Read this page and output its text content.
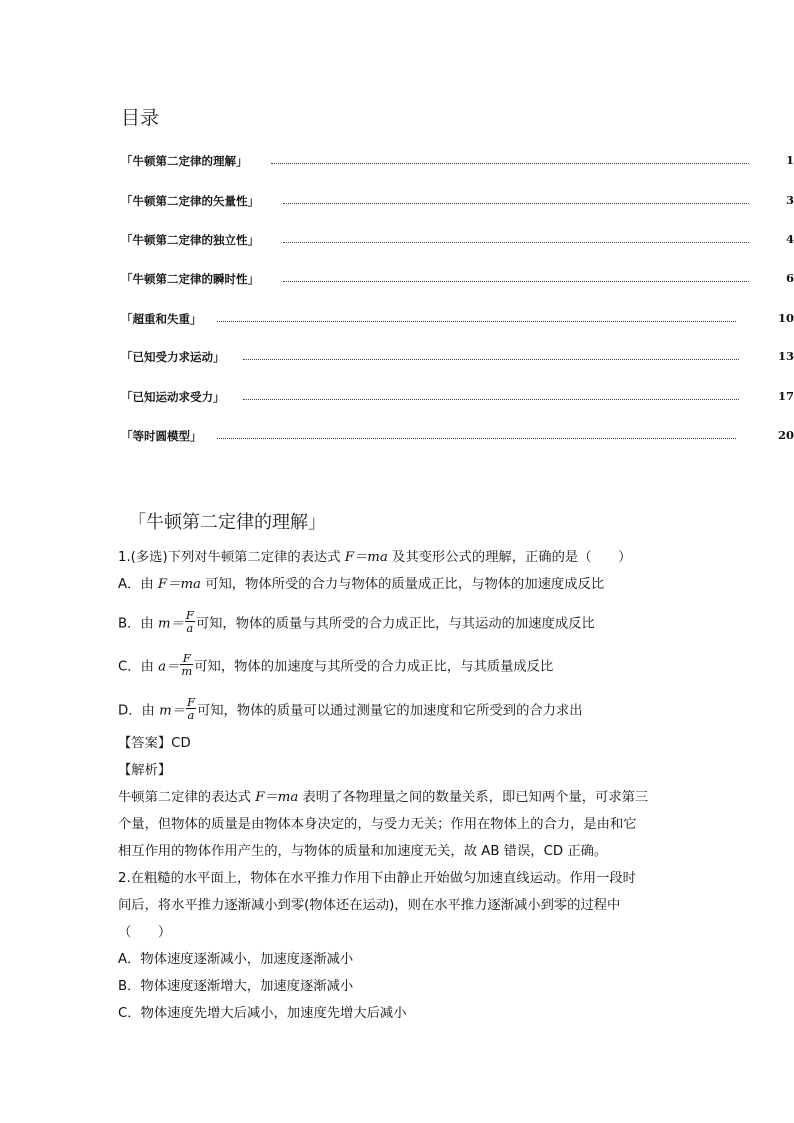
目录
「牛顿第二定律的理解」	1
「牛顿第二定律的矢量性」	3
「牛顿第二定律的独立性」	4
「牛顿第二定律的瞬时性」	6
「超重和失重」	10
「已知受力求运动」	13
「已知运动求受力」	17
「等时圆模型」	20
「牛顿第二定律的理解」
1.(多选)下列对牛顿第二定律的表达式 F＝ma 及其变形公式的理解，正确的是（　　）
A．由 F＝ma 可知，物体所受的合力与物体的质量成正比，与物体的加速度成反比
B．由 $m= \frac{F}{a}$ 可知，物体的质量与其所受的合力成正比，与其运动的加速度成反比
C．由 $a= \frac{F}{m}$ 可知，物体的加速度与其所受的合力成正比，与其质量成反比
D．由 $m= \frac{F}{a}$ 可知，物体的质量可以通过测量它的加速度和它所受到的合力求出
【答案】CD
【解析】
牛顿第二定律的表达式 F＝ma 表明了各物理量之间的数量关系，即已知两个量，可求第三
个量，但物体的质量是由物体本身决定的，与受力无关；作用在物体上的合力，是由和它
相互作用的物体作用产生的，与物体的质量和加速度无关，故 AB 错误，CD 正确。
2.在粗糙的水平面上，物体在水平推力作用下由静止开始做匀加速直线运动。作用一段时
间后，将水平推力逐渐减小到零(物体还在运动)，则在水平推力逐渐减小到零的过程中
（　　）
A．物体速度逐渐减小，加速度逐渐减小
B．物体速度逐渐增大，加速度逐渐减小
C．物体速度先增大后减小，加速度先增大后减小
